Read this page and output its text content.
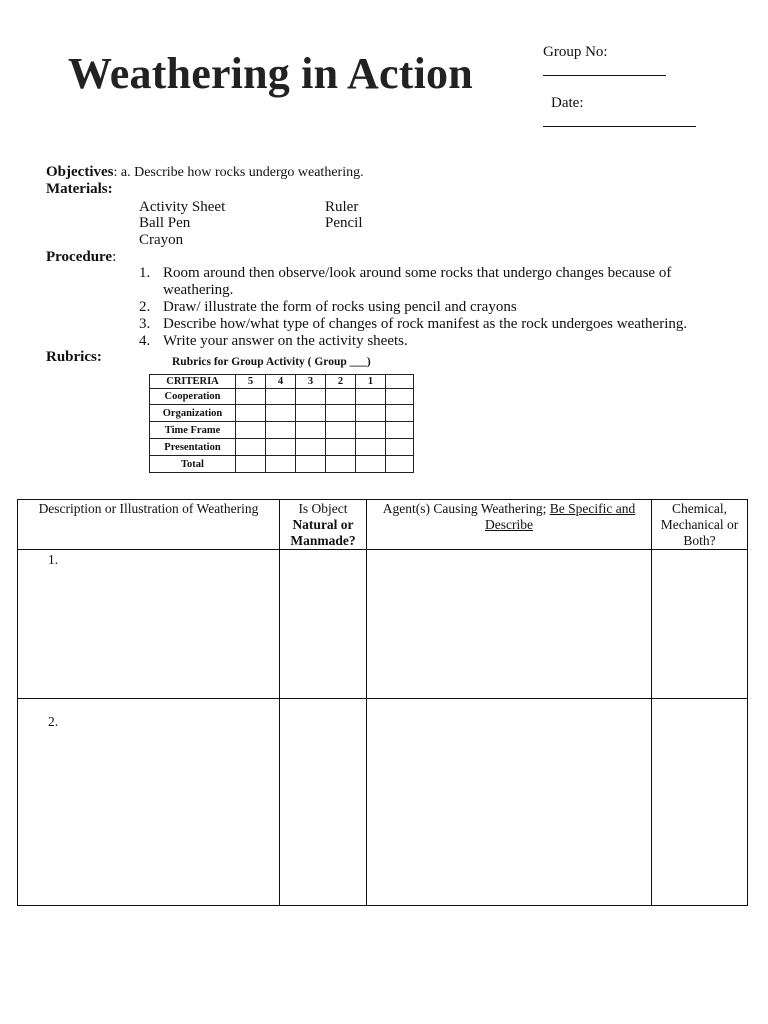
Weathering in Action	Group No:
Date:
Objectives: a. Describe how rocks undergo weathering.
Materials:
Activity Sheet
Ball Pen
Crayon
Ruler
Pencil
Procedure:
1. Room around then observe/look around some rocks that undergo changes because of
weathering.
2. Draw/ illustrate the form of rocks using pencil and crayons
3. Describe how/what type of changes of rock manifest as the rock undergoes weathering.
4. Write your answer on the activity sheets.
Rubrics:	Rubrics for Group Activity ( Group ___)
CRITERIA	5	4	3	2	1	
Cooperation						
Organization						
Time Frame						
Presentation						
Total						
Description or Illustration of Weathering	Is Object
Natural or
Manmade?	Agent(s) Causing Weathering; Be Specific and Describe	Chemical,
Mechanical or
Both?

1.			

2.			
